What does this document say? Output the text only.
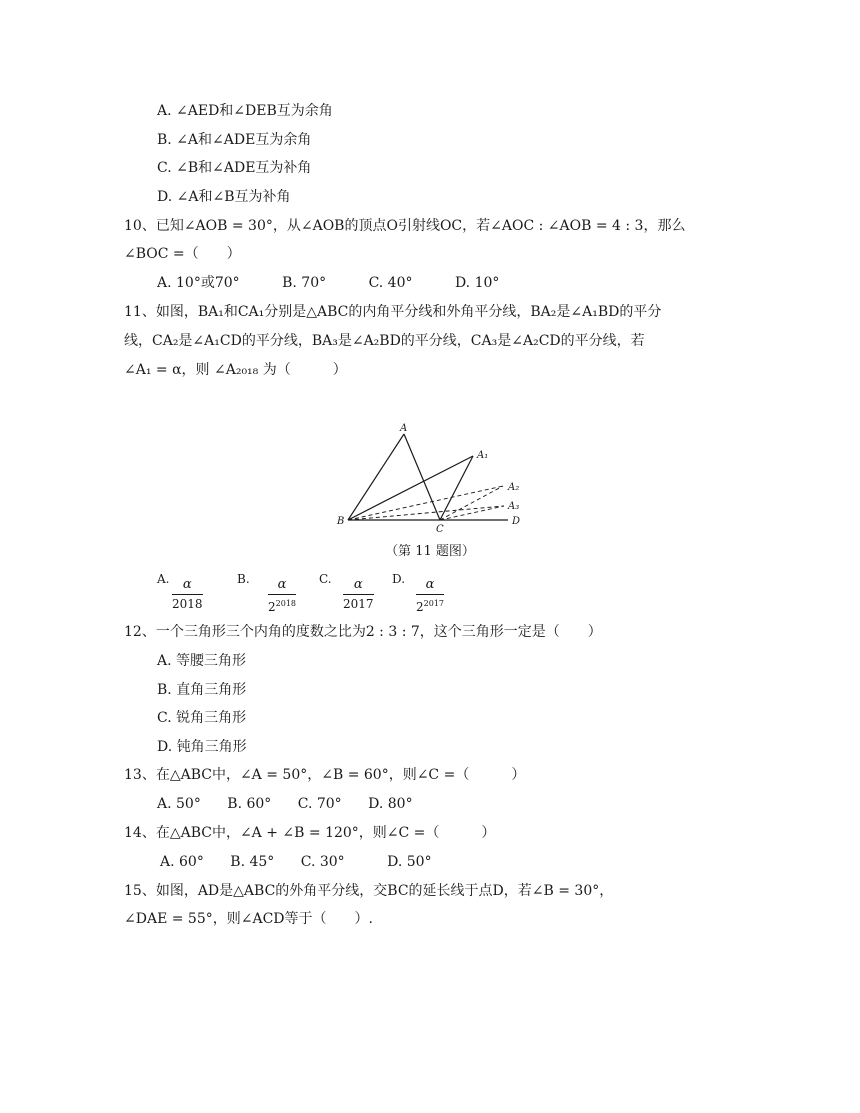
A. ∠AED和∠DEB互为余角
B. ∠A和∠ADE互为余角
C. ∠B和∠ADE互为补角
D. ∠A和∠B互为补角
10、已知∠AOB = 30°，从∠AOB的顶点O引射线OC，若∠AOC : ∠AOB = 4 : 3，那么
∠BOC =（　　）
A. 10°或70°	B. 70°	C. 40°	D. 10°
11、如图，BA₁和CA₁分别是△ABC的内角平分线和外角平分线，BA₂是∠A₁BD的平分
线，CA₂是∠A₁CD的平分线，BA₃是∠A₂BD的平分线，CA₃是∠A₂CD的平分线，若
∠A₁ = α，则 ∠A₂₀₁₈ 为（　　　）
A
A₁
A₂
A₃
B
C
D
（第 11 题图）
A. $\frac{\alpha}{2018}$	B. $\frac{\alpha}{2^{2018}} C$. $\frac{\alpha}{2017} D$. $\frac{\alpha}{2^{2017}}$
12、一个三角形三个内角的度数之比为2 : 3 : 7，这个三角形一定是（　　）
A. 等腰三角形
B. 直角三角形
C. 锐角三角形
D. 钝角三角形
13、在△ABC中，∠A = 50°，∠B = 60°，则∠C =（　　　）
A. 50° B. 60° C. 70° D. 80°
14、在△ABC中，∠A + ∠B = 120°，则∠C =（　　　）
A. 60° B. 45° C. 30°	D. 50°
15、如图，AD是△ABC的外角平分线，交BC的延长线于点D，若∠B = 30°，
∠DAE = 55°，则∠ACD等于（　　）.
